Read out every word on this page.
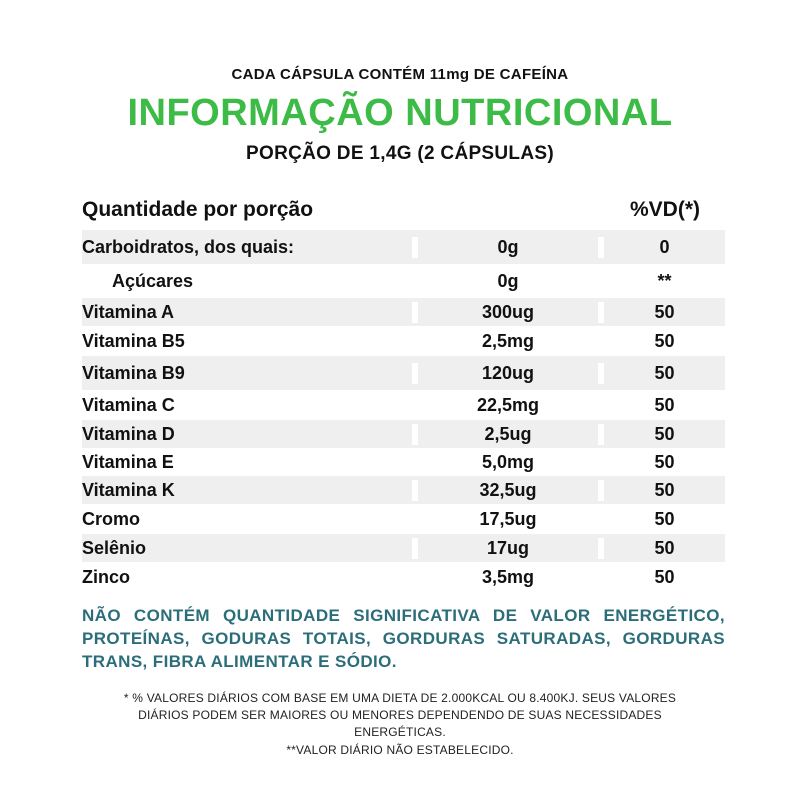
CADA CÁPSULA CONTÉM 11mg DE CAFEÍNA
INFORMAÇÃO NUTRICIONAL
PORÇÃO DE 1,4G (2 CÁPSULAS)
Quantidade por porção	%VD(*)
Carboidratos, dos quais:	0g	0
Açúcares	0g	**
Vitamina A	300ug	50
Vitamina B5	2,5mg	50
Vitamina B9	120ug	50
Vitamina C	22,5mg	50
Vitamina D	2,5ug	50
Vitamina E	5,0mg	50
Vitamina K	32,5ug	50
Cromo	17,5ug	50
Selênio	17ug	50
Zinco	3,5mg	50
NÃO CONTÉM QUANTIDADE SIGNIFICATIVA DE VALOR ENERGÉTICO, PROTEÍNAS, GODURAS TOTAIS, GORDURAS SATURADAS, GORDURAS TRANS, FIBRA ALIMENTAR E SÓDIO.
* % VALORES DIÁRIOS COM BASE EM UMA DIETA DE 2.000KCAL OU 8.400KJ. SEUS VALORES DIÁRIOS PODEM SER MAIORES OU MENORES DEPENDENDO DE SUAS NECESSIDADES ENERGÉTICAS.
**VALOR DIÁRIO NÃO ESTABELECIDO.
